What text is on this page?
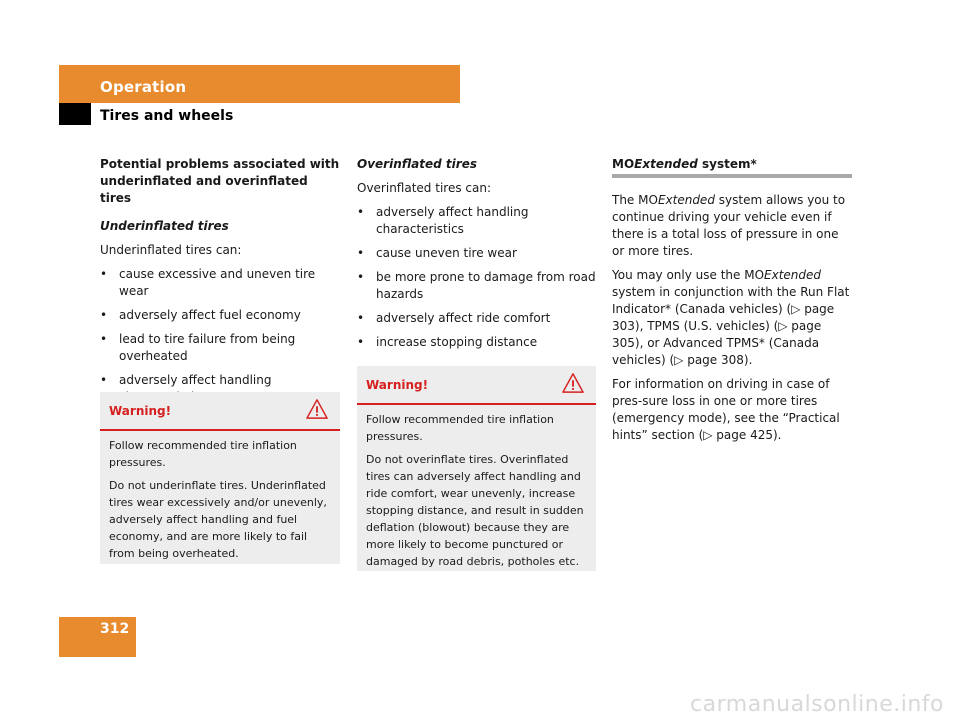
Operation
Tires and wheels
Potential problems associated with underinflated and overinflated tires
Underinflated tires

Underinflated tires can:

• cause excessive and uneven tire wear
• adversely affect fuel economy
• lead to tire failure from being overheated
• adversely affect handling
Warning!

Follow recommended tire inflation pressures.

Do not underinflate tires. Underinflated tires wear excessively and/or unevenly, adversely affect handling and fuel economy, and are more likely to fail from being overheated.

Overinflated tires

Overinflated tires can:

• adversely affect handling characteristics
• cause uneven tire wear
• be more prone to damage from road hazards
• adversely affect ride comfort
• increase stopping distance
Warning!

Follow recommended tire inflation pressures.

Do not overinflate tires. Overinflated tires can adversely affect handling and ride comfort, wear unevenly, increase stopping distance, and result in sudden deflation (blowout) because they are more likely to become punctured or damaged by road debris, potholes etc.

MOExtended system*

The MOExtended system allows you to continue driving your vehicle even if there is a total loss of pressure in one or more tires.

You may only use the MOExtended system in conjunction with the Run Flat Indicator* (Canada vehicles) (▷ page 303), TPMS (U.S. vehicles) (▷ page 305), or Advanced TPMS* (Canada vehicles) (▷ page 308).

For information on driving in case of pres-sure loss in one or more tires (emergency mode), see the “Practical hints” section (▷ page 425).

312
carmanualsonline.info
